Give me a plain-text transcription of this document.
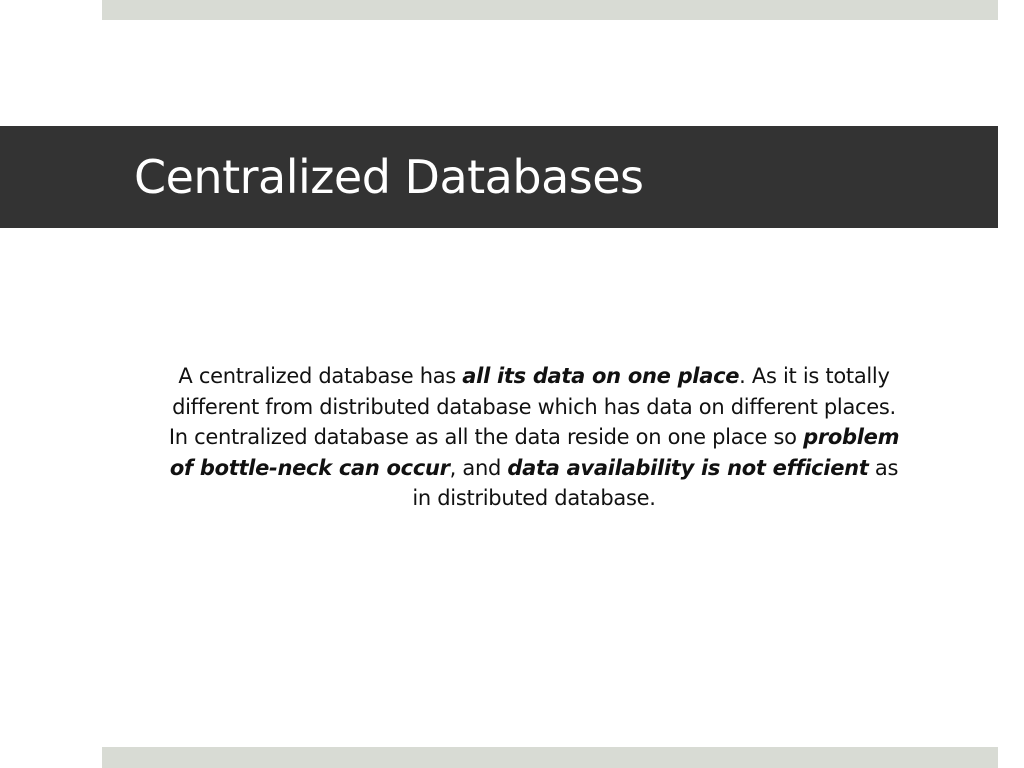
Centralized Databases

A centralized database has all its data on one place. As it is totally different from distributed database which has data on different places. In centralized database as all the data reside on one place so problem of bottle-neck can occur, and data availability is not efficient as in distributed database.
